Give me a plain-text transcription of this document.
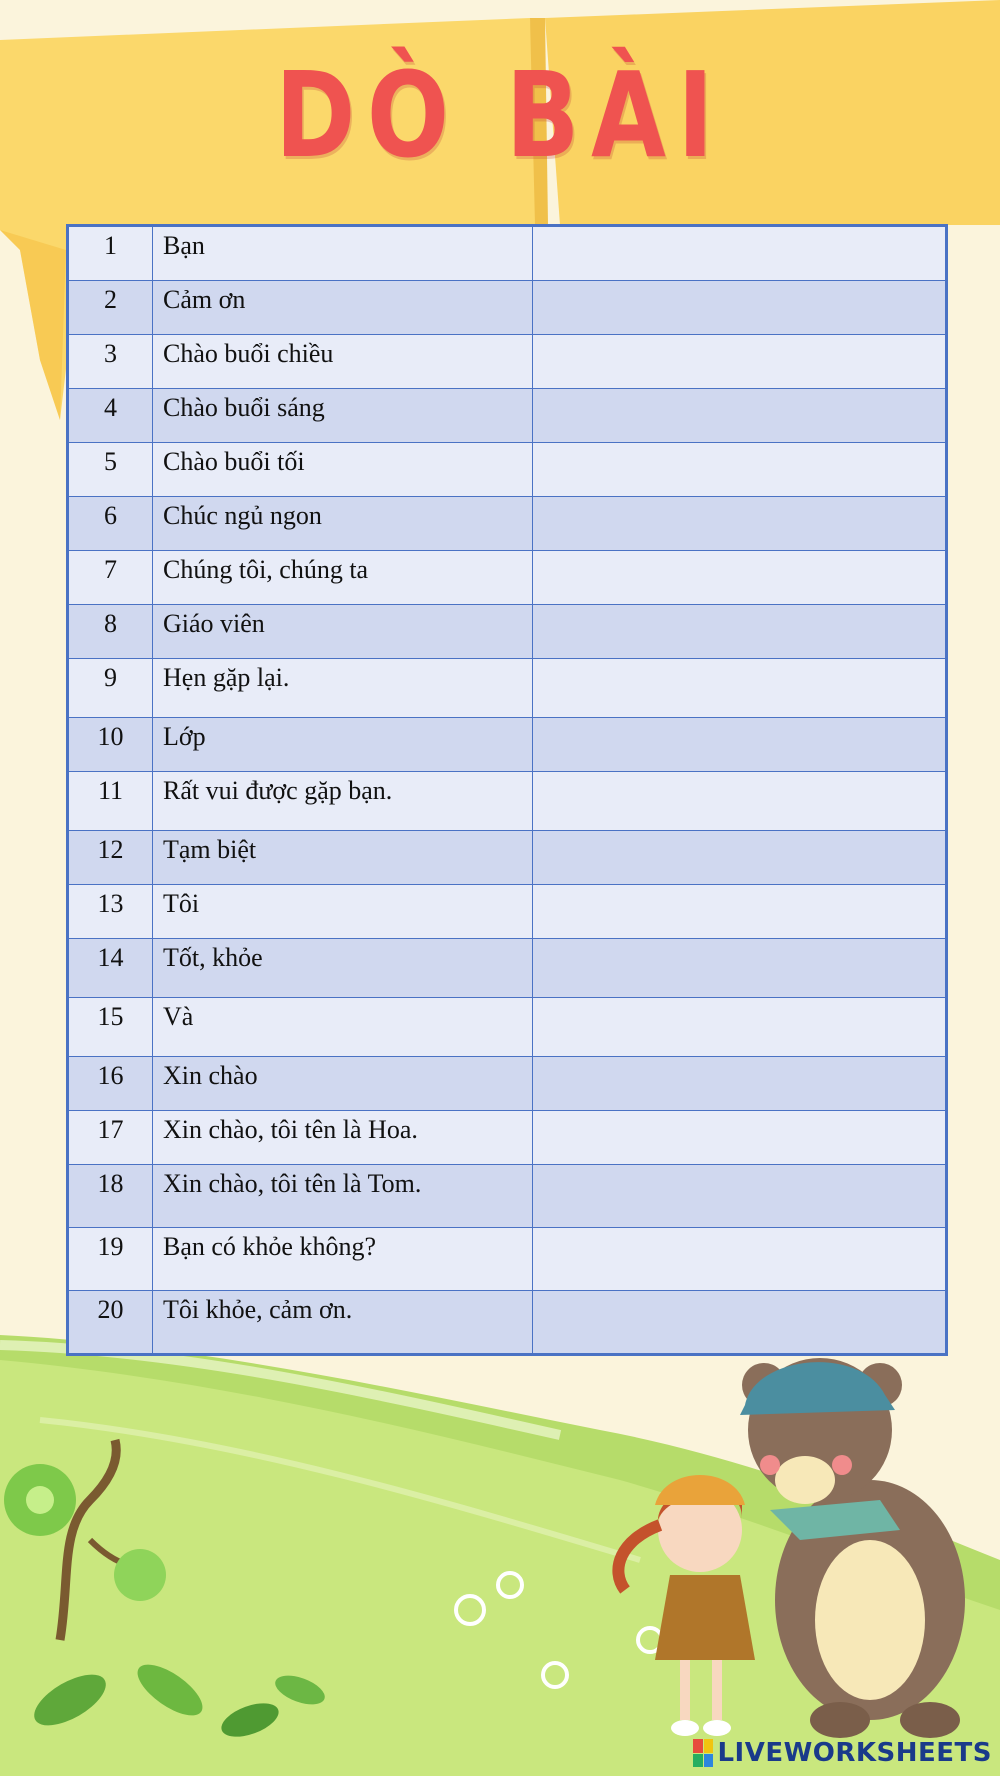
DÒ BÀI
1	Bạn	
2	Cảm ơn	
3	Chào buổi chiều	
4	Chào buổi sáng	
5	Chào buổi tối	
6	Chúc ngủ ngon	
7	Chúng tôi, chúng ta	
8	Giáo viên	
9	Hẹn gặp lại.	
10	Lớp	
11	Rất vui được gặp bạn.	
12	Tạm biệt	
13	Tôi	
14	Tốt, khỏe	
15	Và	
16	Xin chào	
17	Xin chào, tôi tên là Hoa.	
18	Xin chào, tôi tên là Tom.	
19	Bạn có khỏe không?	
20	Tôi khỏe, cảm ơn.	
LIVEWORKSHEETS
